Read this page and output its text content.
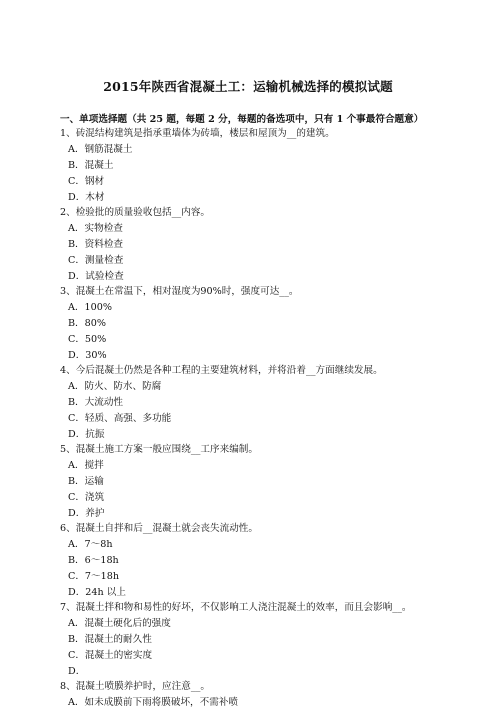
2015年陕西省混凝土工：运输机械选择的模拟试题
一、单项选择题（共 25 题，每题 2 分，每题的备选项中，只有 1 个事最符合题意）
1、砖混结构建筑是指承重墙体为砖墙，楼层和屋顶为__的建筑。
A．钢筋混凝土
B．混凝土
C．钢材
D．木材
2、检验批的质量验收包括__内容。
A．实物检查
B．资料检查
C．测量检查
D．试验检查
3、混凝土在常温下，相对湿度为90%时，强度可达__。
A．100%
B．80%
C．50%
D．30%
4、今后混凝土仍然是各种工程的主要建筑材料，并将沿着__方面继续发展。
A．防火、防水、防腐
B．大流动性
C．轻质、高强、多功能
D．抗振
5、混凝土施工方案一般应围绕__工序来编制。
A．搅拌
B．运输
C．浇筑
D．养护
6、混凝土自拌和后__混凝土就会丧失流动性。
A．7～8h
B．6～18h
C．7～18h
D．24h 以上
7、混凝土拌和物和易性的好坏，不仅影响工人浇注混凝土的效率，而且会影响__。
A．混凝土硬化后的强度
B．混凝土的耐久性
C．混凝土的密实度
D．
8、混凝土喷膜养护时，应注意__。
A．如未成膜前下雨将膜破坏，不需补喷
